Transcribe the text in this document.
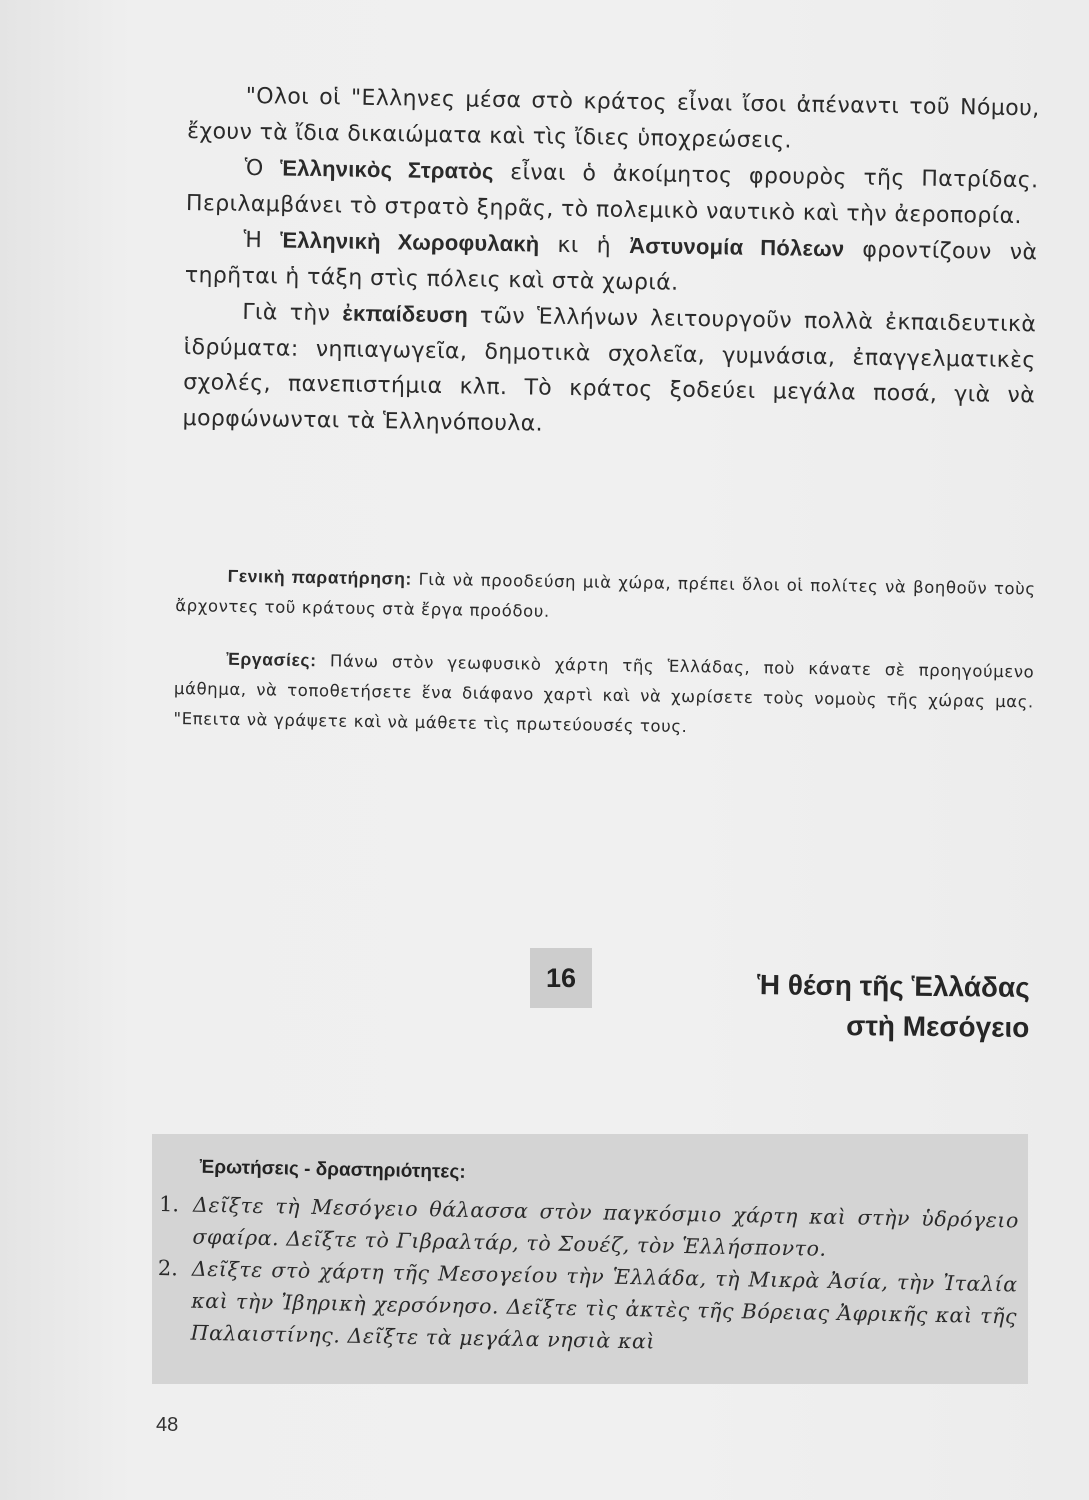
"Ολοι οἱ "Ελληνες μέσα στὸ κράτος εἶναι ἴσοι ἀπέναντι τοῦ Νόμου, ἔχουν τὰ ἴδια δικαιώματα καὶ τὶς ἴδιες ὑποχρεώσεις.

Ὁ Ἑλληνικὸς Στρατὸς εἶναι ὁ ἀκοίμητος φρουρὸς τῆς Πατρίδας. Περιλαμβάνει τὸ στρατὸ ξηρᾶς, τὸ πολεμικὸ ναυτικὸ καὶ τὴν ἀεροπορία.

Ἡ Ἑλληνικὴ Χωροφυλακὴ κι ἡ Ἀστυνομία Πόλεων φροντίζουν νὰ τηρῆται ἡ τάξη στὶς πόλεις καὶ στὰ χωριά.

Γιὰ τὴν ἐκπαίδευση τῶν Ἑλλήνων λειτουργοῦν πολλὰ ἐκπαιδευτικὰ ἱδρύματα: νηπιαγωγεῖα, δημοτικὰ σχολεῖα, γυμνάσια, ἐπαγγελματικὲς σχολές, πανεπιστήμια κλπ. Τὸ κράτος ξοδεύει μεγάλα ποσά, γιὰ νὰ μορφώνωνται τὰ Ἑλληνόπουλα.

Γενικὴ παρατήρηση: Γιὰ νὰ προοδεύση μιὰ χώρα, πρέπει ὅλοι οἱ πολίτες νὰ βοηθοῦν τοὺς ἄρχοντες τοῦ κράτους στὰ ἔργα προόδου.

Ἐργασίες: Πάνω στὸν γεωφυσικὸ χάρτη τῆς Ἑλλάδας, ποὺ κάνατε σὲ προηγούμενο μάθημα, νὰ τοποθετήσετε ἕνα διάφανο χαρτὶ καὶ νὰ χωρίσετε τοὺς νομοὺς τῆς χώρας μας. "Επειτα νὰ γράψετε καὶ νὰ μάθετε τὶς πρωτεύουσές τους.

16	Ἡ θέση τῆς Ἑλλάδας
στὴ Μεσόγειο
Ἐρωτήσεις - δραστηριότητες:
1. Δεῖξτε τὴ Μεσόγειο θάλασσα στὸν παγκόσμιο χάρτη καὶ στὴν ὑδρόγειο σφαίρα. Δεῖξτε τὸ Γιβραλτάρ, τὸ Σουέζ, τὸν Ἑλλήσποντο.
2. Δεῖξτε στὸ χάρτη τῆς Μεσογείου τὴν Ἑλλάδα, τὴ Μικρὰ Ἀσία, τὴν Ἰταλία καὶ τὴν Ἰβηρικὴ χερσόνησο. Δεῖξτε τὶς ἀκτὲς τῆς Βόρειας Ἀφρικῆς καὶ τῆς Παλαιστίνης. Δεῖξτε τὰ μεγάλα νησιὰ καὶ
48
